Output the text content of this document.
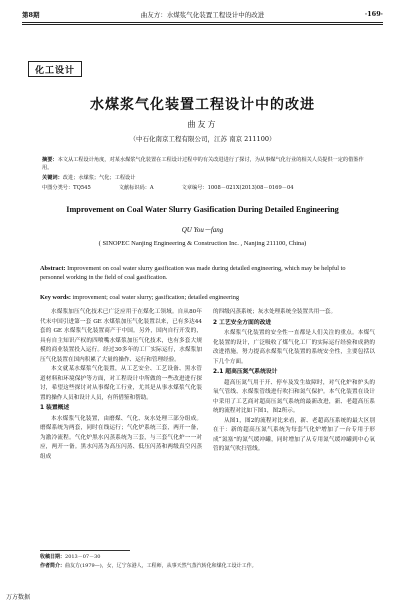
第8期	曲友方：水煤浆气化装置工程设计中的改进	·169·
化工设计
水煤浆气化装置工程设计中的改进
曲友方
（中石化南京工程有限公司，江苏 南京 211100）
摘要：本文从工程设计角度，对某水煤浆气化装置在工程设计过程中的有关改进进行了探讨，为从事煤气化行业的相关人员提供一定的借鉴作用。
关键词：改进；水煤浆；气化；工程设计
中图分类号：TQ545	文献标识码：A	文章编号：1008－021X(2013)08－0169－04
Improvement on Coal Water Slurry Gasification During Detailed Engineering
QU You－fang
( SINOPEC Nanjing Engineering & Construction Inc. , Nanjing 211100, China)
Abstract: Improvement on coal water slurry gasification was made during detailed engineering, which may be helpful to personnel working in the field of coal gasification.
Key words: improvement; coal water slurry; gasification; detailed engineering

水煤浆加压气化技术已广泛应用于在煤化工领域。自从80年代末中国引进第一套 GE 水煤浆加压气化装置以来，已有多达44套的 GE 水煤浆气化装置商产于中国。另外，国内自行开发的，具有自主知识产权的四喷嘴水煤浆加压气化技术，也有多套大规模的商业装置投入运行。经过30多年的工厂实际运行，水煤浆加压气化装置在国内积累了大量的操作、运行和管理经验。

本文就某水煤浆气化装置，从工艺安全、工艺设备、黑水管道材料和环境保护等方面，对工程设计中所做的一些改进进行探讨，希望这些探讨对从事煤化工行业，尤其是从事水煤浆气化装置的操作人员和设计人员，有所借鉴和帮助。

1 装置概述

本水煤浆气化装置，由磨煤、气化、灰水处理三部分组成。磨煤系统为两套，同时在线运行；气化炉系统三套，两开一备，为激冷流程。气化炉黑水闪蒸系统为三套，与三套气化炉一一对应，两开一备。黑水闪蒸为高压闪蒸、低压闪蒸和两级真空闪蒸组成

的四级闪蒸系统；灰水处理系统全装置共用一套。

2 工艺安全方面的改进

水煤浆气化装置的安全性一直都是人们关注的重点。本煤气化装置的设计，广泛吸收了煤气化工厂的实际运行经验和成熟的改进措施，努力提高水煤浆气化装置的系统安全性，主要包括以下几个方面。

2.1 超高压氮气系统设计

超高压氮气用于开、停车及发生故障时，对气化炉和炉头的氧气管线、水煤浆管线进行吹扫和氮气保护。本气化装置在设计中采用了工艺商对超高压氮气系统的最新改进，新、老超高压系统的流程对比如下图1，图2所示。

从图1，图2的流程对比来看，新、老超高压系统的最大区别在于：新的超高压氮气系统为每套气化炉增加了一台专用于形成“氮塞”的氮气缓冲罐，同时增加了从专用氮气缓冲罐到中心氧管的氮气吹扫管线。

收稿日期：2013－07－30
作者简介：曲友方(1979—)，女，辽宁东港人，工程师，从事天然气蒸汽转化和煤化工设计工作。
万方数据
